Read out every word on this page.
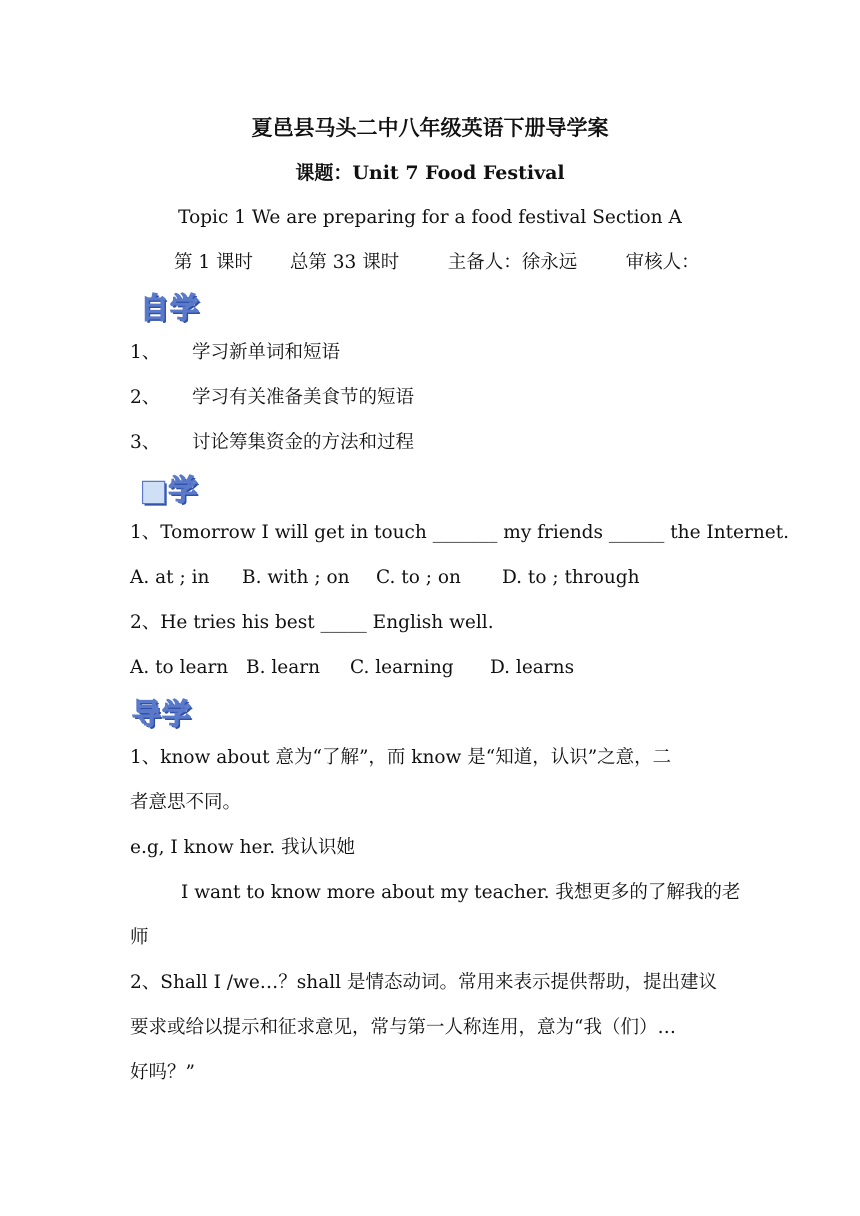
夏邑县马头二中八年级英语下册导学案
课题：Unit 7 Food Festival
Topic 1 We are preparing for a food festival Section A
第 1 课时 总第 33 课时	主备人：徐永远	审核人：
自学
1、 学习新单词和短语
2、 学习有关准备美食节的短语
3、 讨论筹集资金的方法和过程
■学
1、Tomorrow I will get in touch _______ my friends ______ the Internet.
A. at ; in B. with ; on C. to ; on D. to ; through
2、He tries his best _____ English well.
A. to learn B. learn C. learning D. learns
导学
1、know about 意为“了解”，而 know 是“知道，认识”之意，二
者意思不同。
e.g, I know her. 我认识她
I want to know more about my teacher. 我想更多的了解我的老
师
2、Shall I /we…？shall 是情态动词。常用来表示提供帮助，提出建议
要求或给以提示和征求意见，常与第一人称连用，意为“我（们）…
好吗？”
